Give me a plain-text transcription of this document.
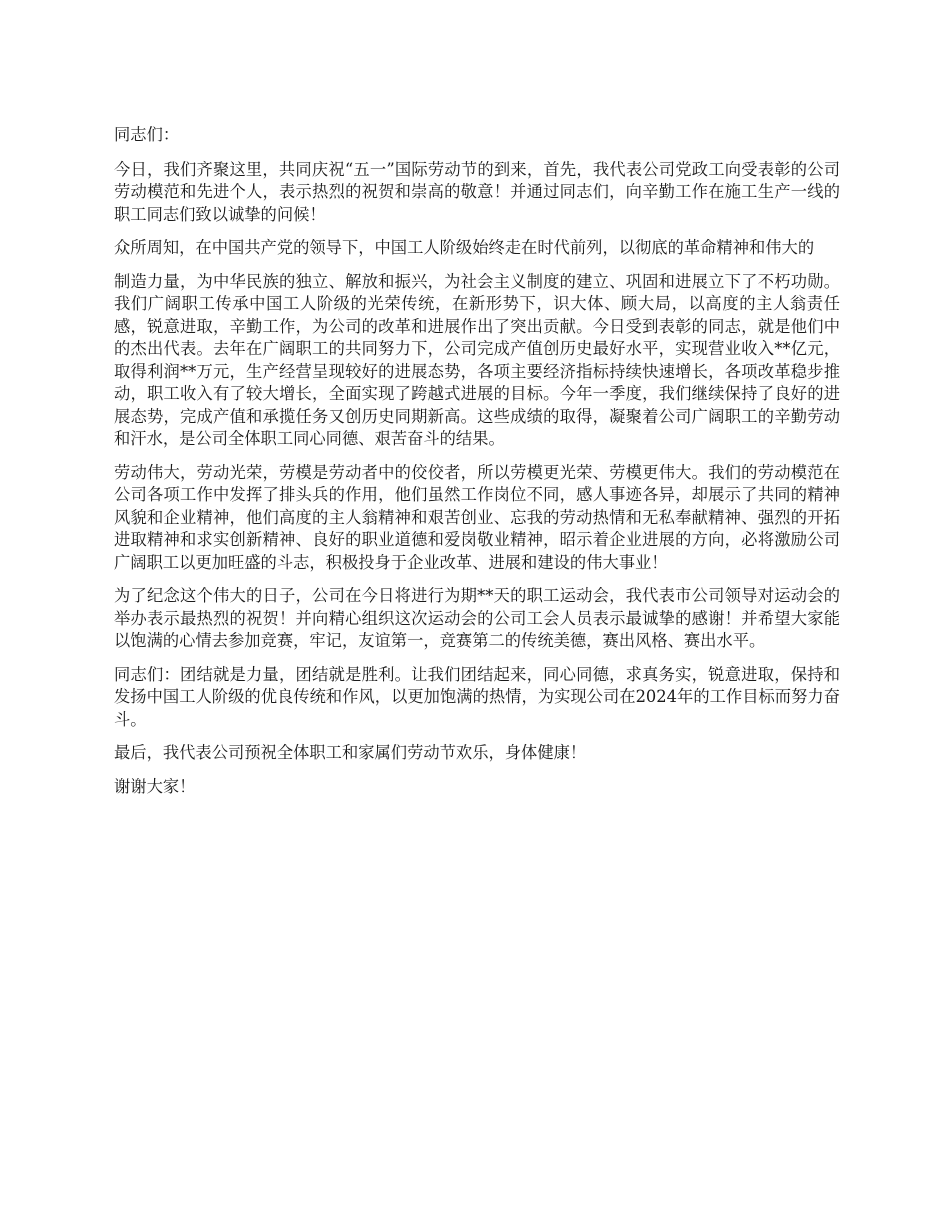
同志们：

今日，我们齐聚这里，共同庆祝“五一”国际劳动节的到来，首先，我代表公司党政工向受表彰的公司劳动模范和先进个人，表示热烈的祝贺和崇高的敬意！并通过同志们，向辛勤工作在施工生产一线的职工同志们致以诚挚的问候！

众所周知，在中国共产党的领导下，中国工人阶级始终走在时代前列，以彻底的革命精神和伟大的

制造力量，为中华民族的独立、解放和振兴，为社会主义制度的建立、巩固和进展立下了不朽功勋。我们广阔职工传承中国工人阶级的光荣传统，在新形势下，识大体、顾大局，以高度的主人翁责任感，锐意进取，辛勤工作，为公司的改革和进展作出了突出贡献。今日受到表彰的同志，就是他们中的杰出代表。去年在广阔职工的共同努力下，公司完成产值创历史最好水平，实现营业收入**亿元，取得利润**万元，生产经营呈现较好的进展态势，各项主要经济指标持续快速增长，各项改革稳步推动，职工收入有了较大增长，全面实现了跨越式进展的目标。今年一季度，我们继续保持了良好的进展态势，完成产值和承揽任务又创历史同期新高。这些成绩的取得，凝聚着公司广阔职工的辛勤劳动和汗水，是公司全体职工同心同德、艰苦奋斗的结果。

劳动伟大，劳动光荣，劳模是劳动者中的佼佼者，所以劳模更光荣、劳模更伟大。我们的劳动模范在公司各项工作中发挥了排头兵的作用，他们虽然工作岗位不同，感人事迹各异，却展示了共同的精神风貌和企业精神，他们高度的主人翁精神和艰苦创业、忘我的劳动热情和无私奉献精神、强烈的开拓进取精神和求实创新精神、良好的职业道德和爱岗敬业精神，昭示着企业进展的方向，必将激励公司广阔职工以更加旺盛的斗志，积极投身于企业改革、进展和建设的伟大事业！

为了纪念这个伟大的日子，公司在今日将进行为期**天的职工运动会，我代表市公司领导对运动会的举办表示最热烈的祝贺！并向精心组织这次运动会的公司工会人员表示最诚挚的感谢！并希望大家能以饱满的心情去参加竞赛，牢记，友谊第一，竞赛第二的传统美德，赛出风格、赛出水平。

同志们：团结就是力量，团结就是胜利。让我们团结起来，同心同德，求真务实，锐意进取，保持和发扬中国工人阶级的优良传统和作风，以更加饱满的热情，为实现公司在2024年的工作目标而努力奋斗。

最后，我代表公司预祝全体职工和家属们劳动节欢乐，身体健康！

谢谢大家！
